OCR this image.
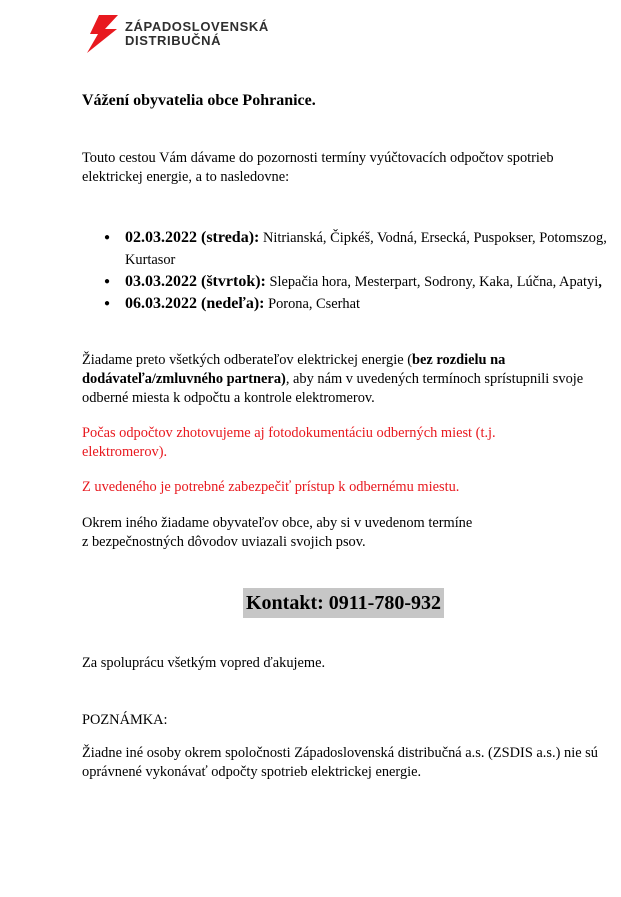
ZÁPADOSLOVENSKÁ
DISTRIBUČNÁ
Vážení obyvatelia obce Pohranice.
Touto cestou Vám dávame do pozornosti termíny vyúčtovacích odpočtov spotrieb elektrickej energie, a to nasledovne:
● 02.03.2022 (streda): Nitrianská, Čipkéš, Vodná, Ersecká, Puspokser, Potomszog, Kurtasor
● 03.03.2022 (štvrtok): Slepačia hora, Mesterpart, Sodrony, Kaka, Lúčna, Apatyi,
● 06.03.2022 (nedeľa): Porona, Cserhat
Žiadame preto všetkých odberateľov elektrickej energie (bez rozdielu na dodávateľa/zmluvného partnera), aby nám v uvedených termínoch sprístupnili svoje odberné miesta k odpočtu a kontrole elektromerov.
Počas odpočtov zhotovujeme aj fotodokumentáciu odberných miest (t.j. elektromerov).
Z uvedeného je potrebné zabezpečiť prístup k odbernému miestu.
Okrem iného žiadame obyvateľov obce, aby si v uvedenom termíne
z bezpečnostných dôvodov uviazali svojich psov.
Kontakt: 0911-780-932
Za spoluprácu všetkým vopred ďakujeme.
POZNÁMKA:
Žiadne iné osoby okrem spoločnosti Západoslovenská distribučná a.s. (ZSDIS a.s.) nie sú oprávnené vykonávať odpočty spotrieb elektrickej energie.
